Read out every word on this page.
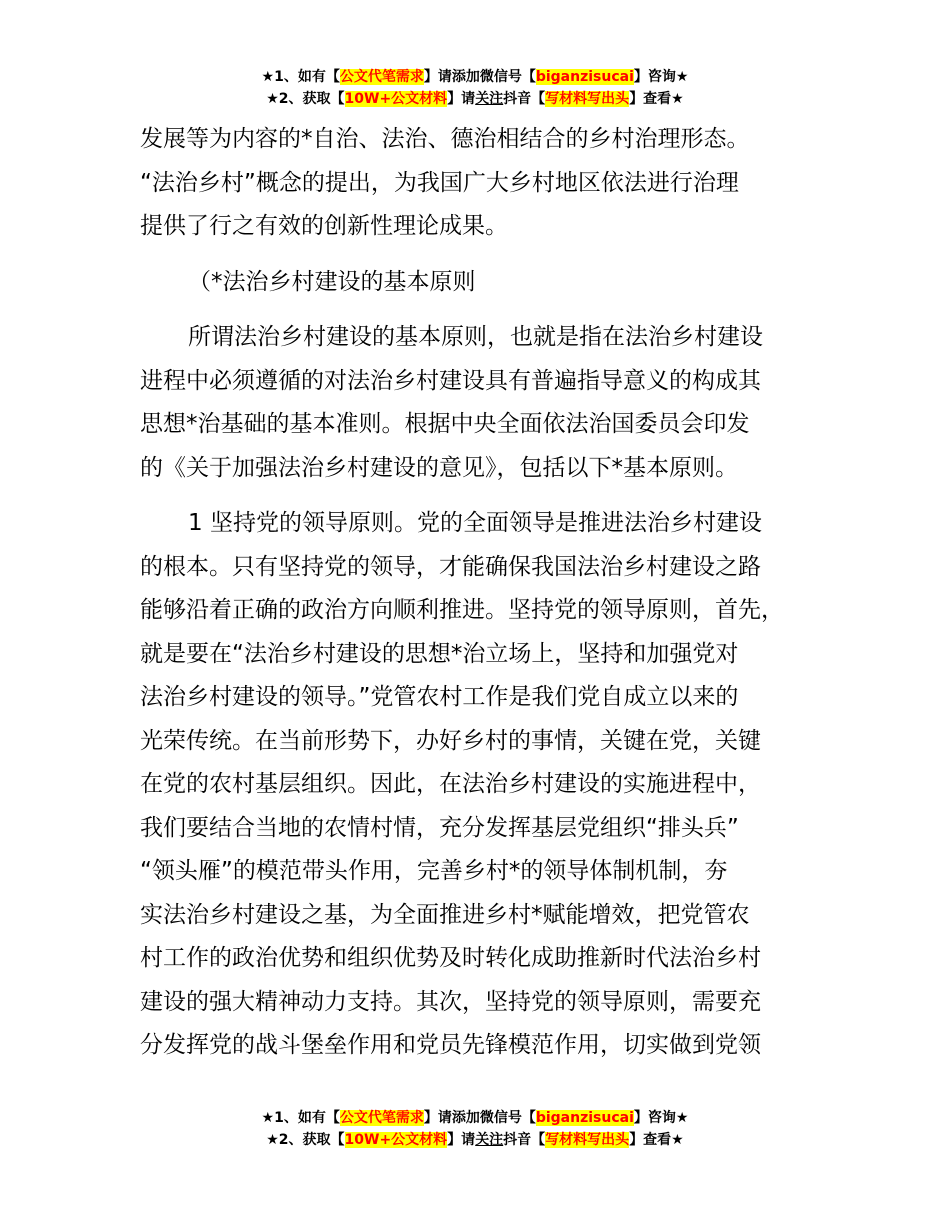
★1、如有【公文代笔需求】请添加微信号【biganzisucai】咨询★
★2、获取【10W+公文材料】请关注抖音【写材料写出头】查看★
发展等为内容的*自治、法治、德治相结合的乡村治理形态。
“法治乡村”概念的提出，为我国广大乡村地区依法进行治理
提供了行之有效的创新性理论成果。
（*法治乡村建设的基本原则
所谓法治乡村建设的基本原则，也就是指在法治乡村建设
进程中必须遵循的对法治乡村建设具有普遍指导意义的构成其
思想*治基础的基本准则。根据中央全面依法治国委员会印发
的《关于加强法治乡村建设的意见》，包括以下*基本原则。
1 坚持党的领导原则。党的全面领导是推进法治乡村建设
的根本。只有坚持党的领导，才能确保我国法治乡村建设之路
能够沿着正确的政治方向顺利推进。坚持党的领导原则，首先，
就是要在“法治乡村建设的思想*治立场上，坚持和加强党对
法治乡村建设的领导。”党管农村工作是我们党自成立以来的
光荣传统。在当前形势下，办好乡村的事情，关键在党，关键
在党的农村基层组织。因此，在法治乡村建设的实施进程中，
我们要结合当地的农情村情，充分发挥基层党组织“排头兵”
“领头雁”的模范带头作用，完善乡村*的领导体制机制，夯
实法治乡村建设之基，为全面推进乡村*赋能增效，把党管农
村工作的政治优势和组织优势及时转化成助推新时代法治乡村
建设的强大精神动力支持。其次，坚持党的领导原则，需要充
分发挥党的战斗堡垒作用和党员先锋模范作用，切实做到党领
★1、如有【公文代笔需求】请添加微信号【biganzisucai】咨询★
★2、获取【10W+公文材料】请关注抖音【写材料写出头】查看★
